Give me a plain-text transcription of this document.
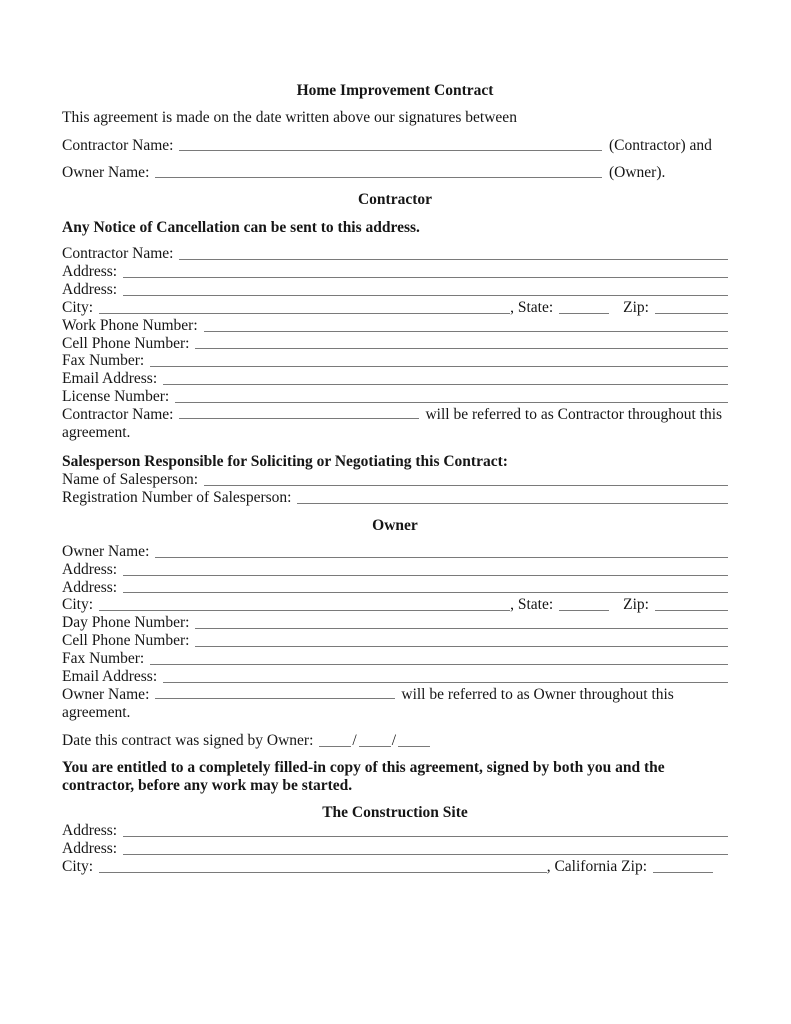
Home Improvement Contract
This agreement is made on the date written above our signatures between
Contractor Name:	(Contractor) and
Owner Name:	(Owner).
Contractor
Any Notice of Cancellation can be sent to this address.
Contractor Name:
Address:
Address:
City:	, State:	Zip:
Work Phone Number:
Cell Phone Number:
Fax Number:
Email Address:
License Number:
Contractor Name:	will be referred to as Contractor throughout this agreement.
Salesperson Responsible for Soliciting or Negotiating this Contract:
Name of Salesperson:
Registration Number of Salesperson:
Owner
Owner Name:
Address:
Address:
City:	, State:	Zip:
Day Phone Number:
Cell Phone Number:
Fax Number:
Email Address:
Owner Name:	will be referred to as Owner throughout this agreement.
Date this contract was signed by Owner:	/ /
You are entitled to a completely filled-in copy of this agreement, signed by both you and the contractor, before any work may be started.
The Construction Site
Address:
Address:
City:	, California Zip:
